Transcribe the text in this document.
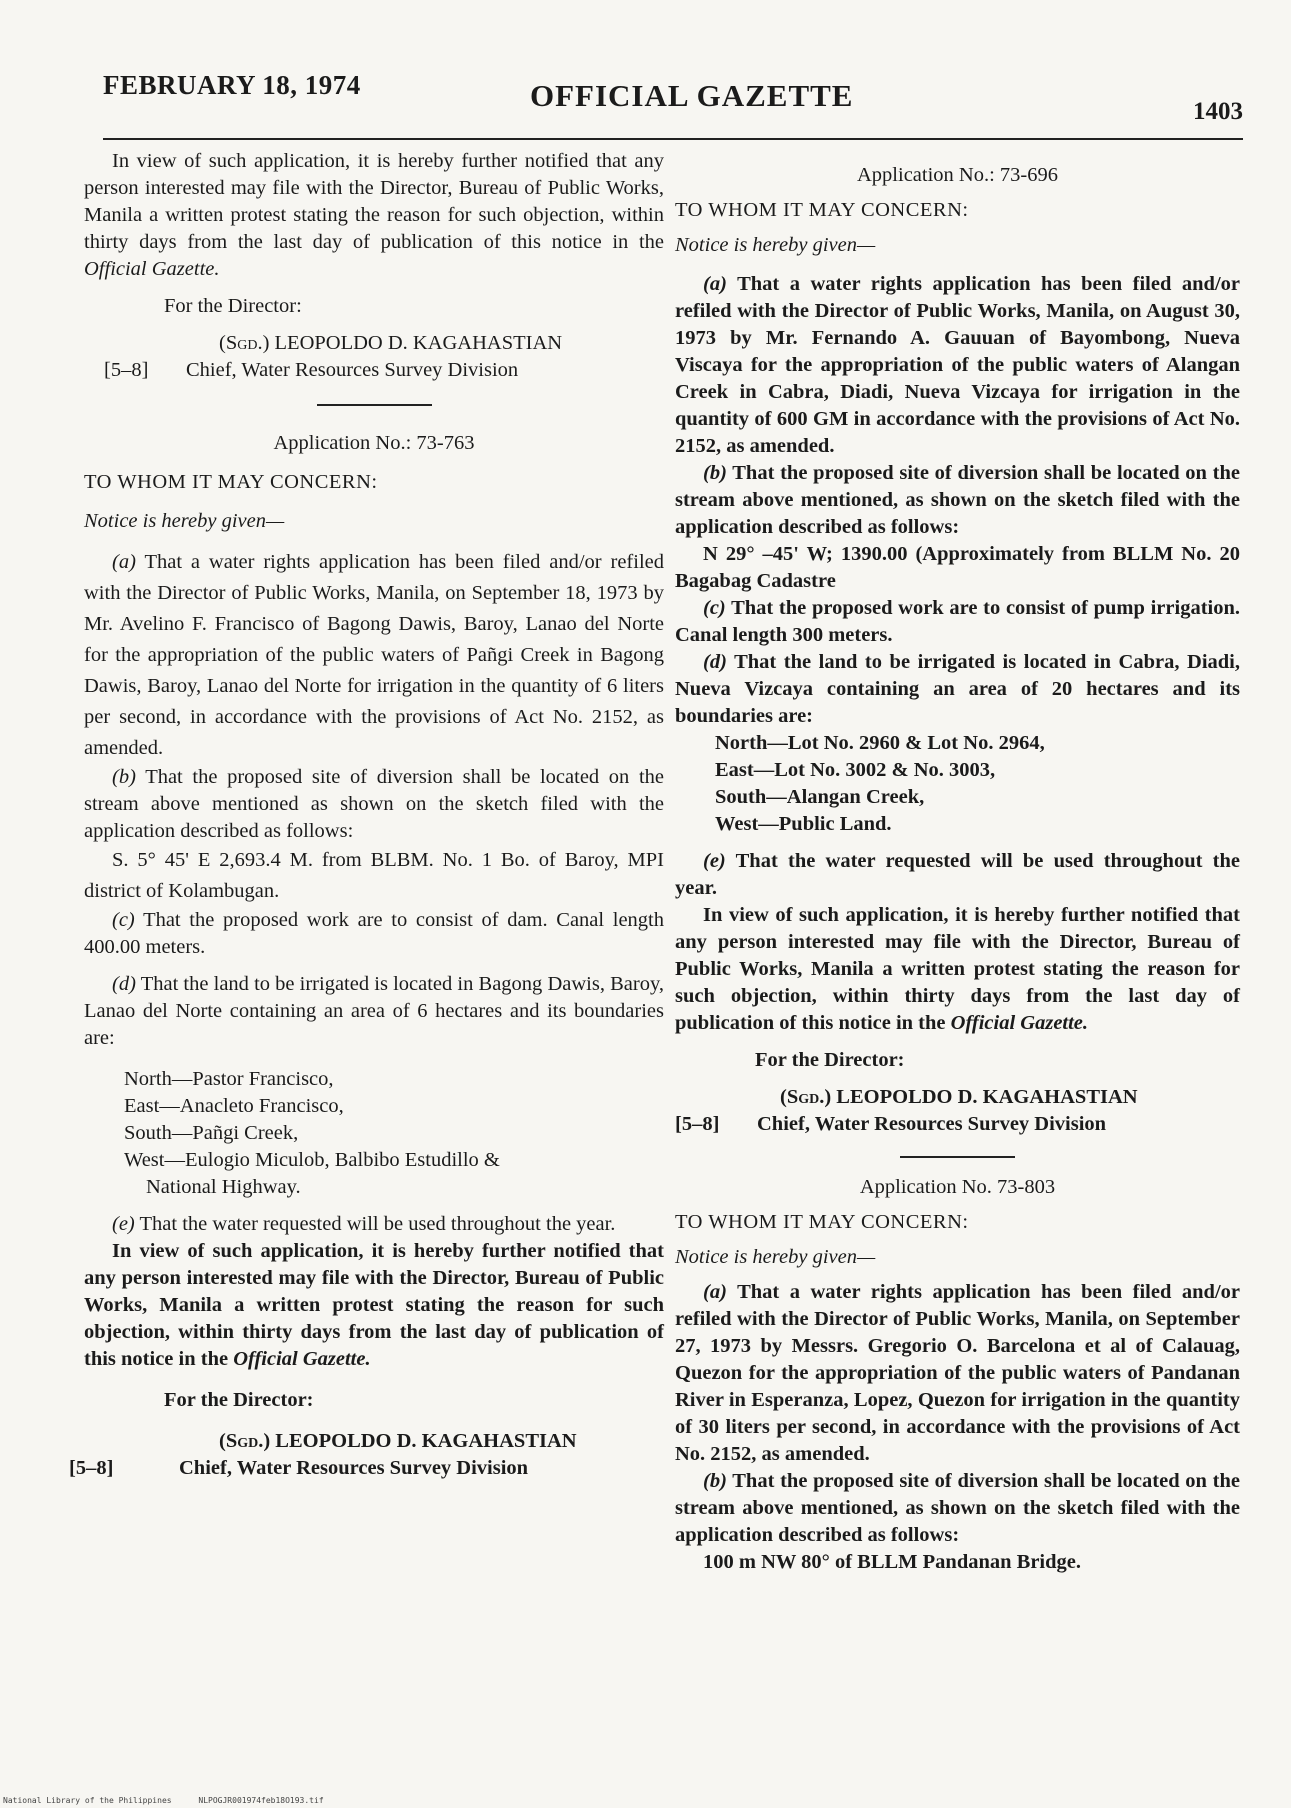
FEBRUARY 18, 1974	OFFICIAL GAZETTE	1403

In view of such application, it is hereby further notified that any person interested may file with the Director, Bureau of Public Works, Manila a written protest stating the reason for such objection, within thirty days from the last day of publication of this notice in the Official Gazette.

For the Director:

(Sgd.) LEOPOLDO D. KAGAHASTIAN

[5–8]	Chief, Water Resources Survey Division

Application No.: 73-763

TO WHOM IT MAY CONCERN:

Notice is hereby given—

(a) That a water rights application has been filed and/or refiled with the Director of Public Works, Manila, on September 18, 1973 by Mr. Avelino F. Francisco of Bagong Dawis, Baroy, Lanao del Norte for the appropriation of the public waters of Pañgi Creek in Bagong Dawis, Baroy, Lanao del Norte for irrigation in the quantity of 6 liters per second, in accordance with the provisions of Act No. 2152, as amended.

(b) That the proposed site of diversion shall be located on the stream above mentioned as shown on the sketch filed with the application described as follows:

S. 5° 45' E 2,693.4 M. from BLBM. No. 1 Bo. of Baroy, MPI district of Kolambugan.

(c) That the proposed work are to consist of dam. Canal length 400.00 meters.

(d) That the land to be irrigated is located in Bagong Dawis, Baroy, Lanao del Norte containing an area of 6 hectares and its boundaries are:

North—Pastor Francisco,

East—Anacleto Francisco,

South—Pañgi Creek,

West—Eulogio Miculob, Balbibo Estudillo &

National Highway.

(e) That the water requested will be used throughout the year.

In view of such application, it is hereby further notified that any person interested may file with the Director, Bureau of Public Works, Manila a written protest stating the reason for such objection, within thirty days from the last day of publication of this notice in the Official Gazette.

For the Director:

(Sgd.) LEOPOLDO D. KAGAHASTIAN

[5–8]	Chief, Water Resources Survey Division

Application No.: 73-696

TO WHOM IT MAY CONCERN:

Notice is hereby given—

(a) That a water rights application has been filed and/or refiled with the Director of Public Works, Manila, on August 30, 1973 by Mr. Fernando A. Gauuan of Bayombong, Nueva Viscaya for the appropriation of the public waters of Alangan Creek in Cabra, Diadi, Nueva Vizcaya for irrigation in the quantity of 600 GM in accordance with the provisions of Act No. 2152, as amended.

(b) That the proposed site of diversion shall be located on the stream above mentioned, as shown on the sketch filed with the application described as follows:

N 29° –45' W; 1390.00 (Approximately from BLLM No. 20 Bagabag Cadastre

(c) That the proposed work are to consist of pump irrigation. Canal length 300 meters.

(d) That the land to be irrigated is located in Cabra, Diadi, Nueva Vizcaya containing an area of 20 hectares and its boundaries are:

North—Lot No. 2960 & Lot No. 2964,

East—Lot No. 3002 & No. 3003,

South—Alangan Creek,

West—Public Land.

(e) That the water requested will be used throughout the year.

In view of such application, it is hereby further notified that any person interested may file with the Director, Bureau of Public Works, Manila a written protest stating the reason for such objection, within thirty days from the last day of publication of this notice in the Official Gazette.

For the Director:

(Sgd.) LEOPOLDO D. KAGAHASTIAN

[5–8]	Chief, Water Resources Survey Division

Application No. 73-803

TO WHOM IT MAY CONCERN:

Notice is hereby given—

(a) That a water rights application has been filed and/or refiled with the Director of Public Works, Manila, on September 27, 1973 by Messrs. Gregorio O. Barcelona et al of Calauag, Quezon for the appropriation of the public waters of Pandanan River in Esperanza, Lopez, Quezon for irrigation in the quantity of 30 liters per second, in accordance with the provisions of Act No. 2152, as amended.

(b) That the proposed site of diversion shall be located on the stream above mentioned, as shown on the sketch filed with the application described as follows:

100 m NW 80° of BLLM Pandanan Bridge.

National Library of the Philippines	NLPOGJR001974feb18O193.tif
